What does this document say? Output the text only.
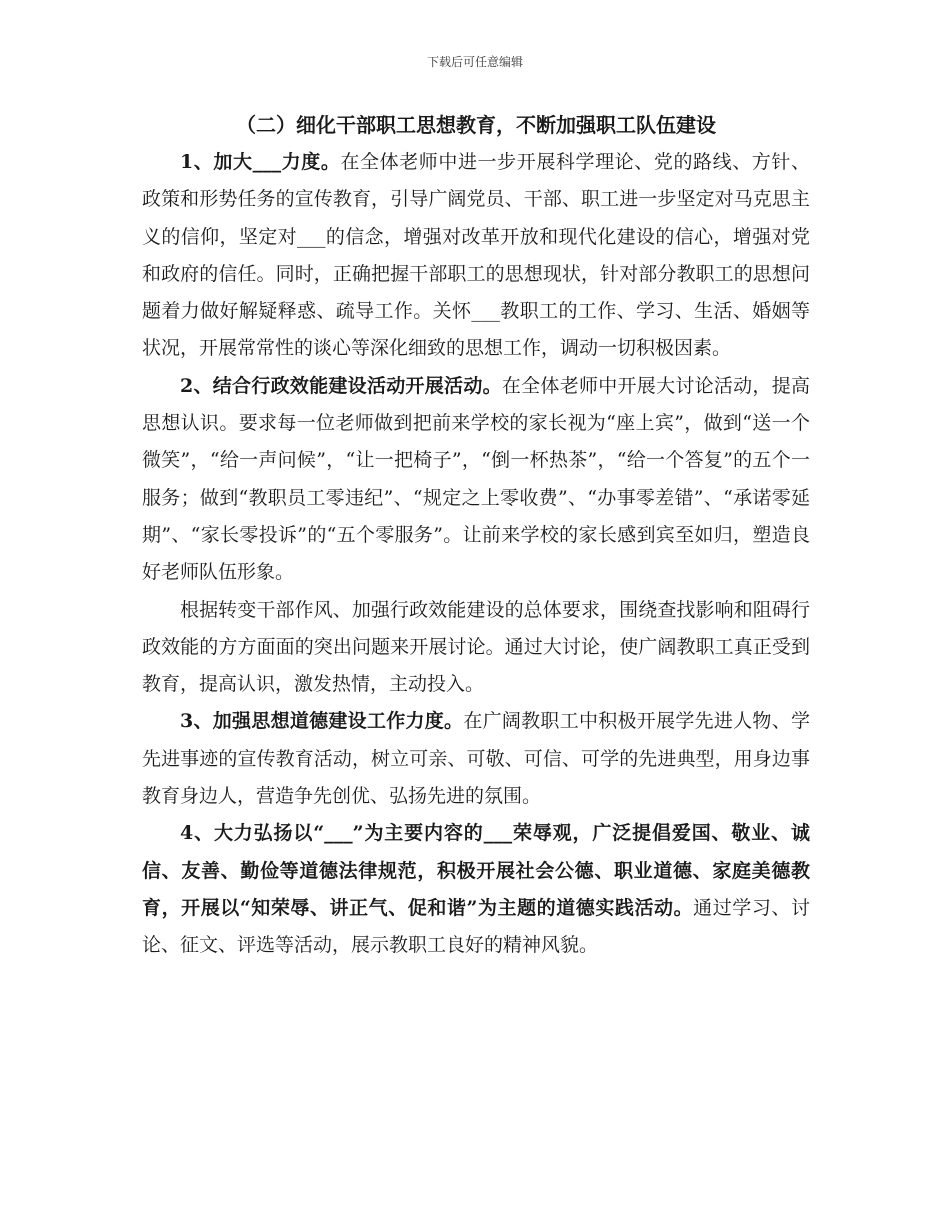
下载后可任意编辑

（二）细化干部职工思想教育，不断加强职工队伍建设

1、加大___力度。在全体老师中进一步开展科学理论、党的路线、方针、政策和形势任务的宣传教育，引导广阔党员、干部、职工进一步坚定对马克思主义的信仰，坚定对___的信念，增强对改革开放和现代化建设的信心，增强对党和政府的信任。同时，正确把握干部职工的思想现状，针对部分教职工的思想问题着力做好解疑释惑、疏导工作。关怀___教职工的工作、学习、生活、婚姻等状况，开展常常性的谈心等深化细致的思想工作，调动一切积极因素。

2、结合行政效能建设活动开展活动。在全体老师中开展大讨论活动，提高思想认识。要求每一位老师做到把前来学校的家长视为“座上宾”，做到“送一个微笑”，“给一声问候”，“让一把椅子”，“倒一杯热茶”，“给一个答复”的五个一服务；做到“教职员工零违纪”、“规定之上零收费”、“办事零差错”、“承诺零延期”、“家长零投诉”的“五个零服务”。让前来学校的家长感到宾至如归，塑造良好老师队伍形象。

根据转变干部作风、加强行政效能建设的总体要求，围绕查找影响和阻碍行政效能的方方面面的突出问题来开展讨论。通过大讨论，使广阔教职工真正受到教育，提高认识，激发热情，主动投入。

3、加强思想道德建设工作力度。在广阔教职工中积极开展学先进人物、学先进事迹的宣传教育活动，树立可亲、可敬、可信、可学的先进典型，用身边事教育身边人，营造争先创优、弘扬先进的氛围。

4、大力弘扬以“___”为主要内容的___荣辱观，广泛提倡爱国、敬业、诚信、友善、勤俭等道德法律规范，积极开展社会公德、职业道德、家庭美德教育，开展以“知荣辱、讲正气、促和谐”为主题的道德实践活动。通过学习、讨论、征文、评选等活动，展示教职工良好的精神风貌。
